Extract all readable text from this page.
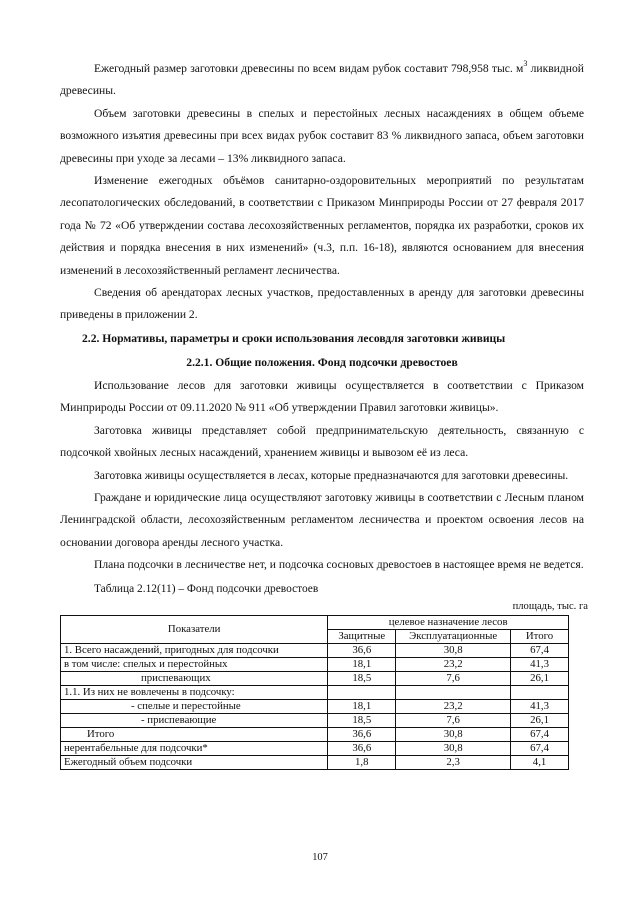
Ежегодный размер заготовки древесины по всем видам рубок составит 798,958 тыс. $м^3$ ликвидной древесины.

Объем заготовки древесины в спелых и перестойных лесных насаждениях в общем объеме возможного изъятия древесины при всех видах рубок составит 83 % ликвидного запаса, объем заготовки древесины при уходе за лесами – 13% ликвидного запаса.

Изменение ежегодных объёмов санитарно-оздоровительных мероприятий по результатам лесопатологических обследований, в соответствии с Приказом Минприроды России от 27 февраля 2017 года № 72 «Об утверждении состава лесохозяйственных регламентов, порядка их разработки, сроков их действия и порядка внесения в них изменений» (ч.3, п.п. 16-18), являются основанием для внесения изменений в лесохозяйственный регламент лесничества.

Сведения об арендаторах лесных участков, предоставленных в аренду для заготовки древесины приведены в приложении 2.

2.2. Нормативы, параметры и сроки использования лесовдля заготовки живицы
2.2.1. Общие положения. Фонд подсочки древостоев

Использование лесов для заготовки живицы осуществляется в соответствии с Приказом Минприроды России от 09.11.2020 № 911 «Об утверждении Правил заготовки живицы».

Заготовка живицы представляет собой предпринимательскую деятельность, связанную с подсочкой хвойных лесных насаждений, хранением живицы и вывозом её из леса.

Заготовка живицы осуществляется в лесах, которые предназначаются для заготовки древесины.

Граждане и юридические лица осуществляют заготовку живицы в соответствии с Лесным планом Ленинградской области, лесохозяйственным регламентом лесничества и проектом освоения лесов на основании договора аренды лесного участка.

Плана подсочки в лесничестве нет, и подсочка сосновых древостоев в настоящее время не ведется.

Таблица 2.12(11) – Фонд подсочки древостоев
площадь, тыс. га
Показатели	целевое назначение лесов		
	Защитные	Эксплуатационные	Итого
1. Всего насаждений, пригодных для подсочки	36,6	30,8	67,4
в том числе: спелых и перестойных	18,1	23,2	41,3
приспевающих	18,5	7,6	26,1
1.1. Из них не вовлечены в подсочку:			
- спелые и перестойные	18,1	23,2	41,3
- приспевающие	18,5	7,6	26,1
Итого	36,6	30,8	67,4
нерентабельные для подсочки*	36,6	30,8	67,4
Ежегодный объем подсочки	1,8	2,3	4,1
107
